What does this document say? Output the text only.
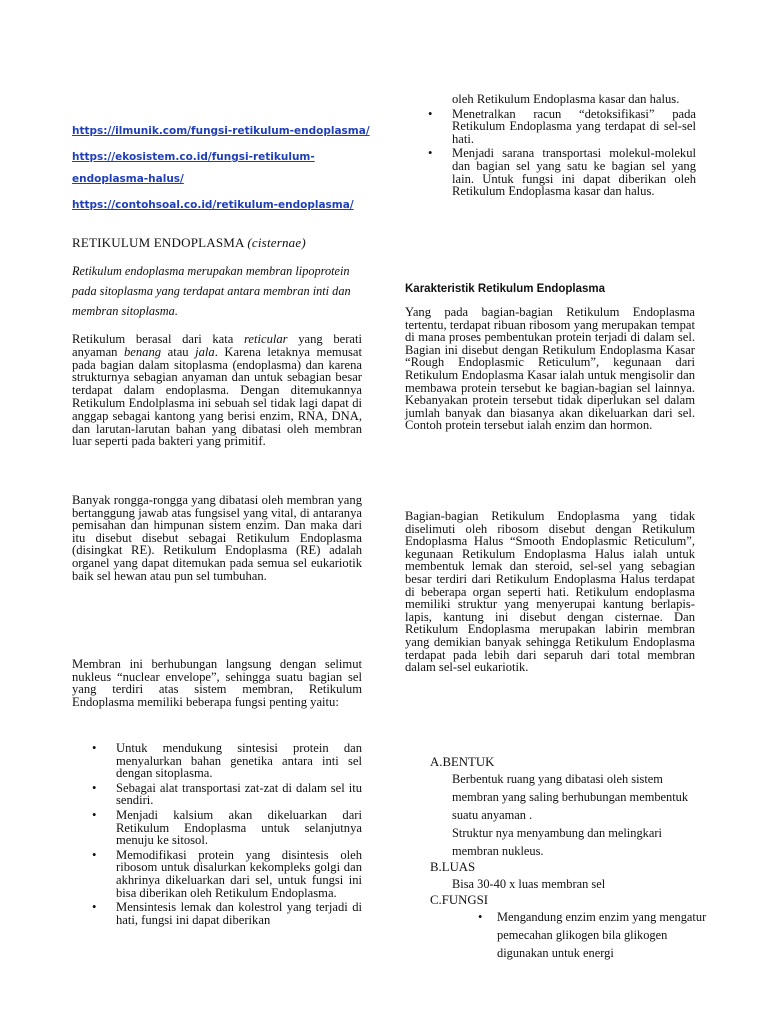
https://ilmunik.com/fungsi-retikulum-endoplasma/
https://ekosistem.co.id/fungsi-retikulum-endoplasma-halus/
https://contohsoal.co.id/retikulum-endoplasma/
RETIKULUM ENDOPLASMA (cisternae)

Retikulum endoplasma merupakan membran lipoprotein pada sitoplasma yang terdapat antara membran inti dan membran sitoplasma.

Retikulum berasal dari kata reticular yang berati anyaman benang atau jala. Karena letaknya memusat pada bagian dalam sitoplasma (endoplasma) dan karena strukturnya sebagian anyaman dan untuk sebagian besar terdapat dalam endoplasma. Dengan ditemukannya Retikulum Endolplasma ini sebuah sel tidak lagi dapat di anggap sebagai kantong yang berisi enzim, RNA, DNA, dan larutan-larutan bahan yang dibatasi oleh membran luar seperti pada bakteri yang primitif.

Banyak rongga-rongga yang dibatasi oleh membran yang bertanggung jawab atas fungsisel yang vital, di antaranya pemisahan dan himpunan sistem enzim. Dan maka dari itu disebut disebut sebagai Retikulum Endoplasma (disingkat RE). Retikulum Endoplasma (RE) adalah organel yang dapat ditemukan pada semua sel eukariotik baik sel hewan atau pun sel tumbuhan.

Membran ini berhubungan langsung dengan selimut nukleus “nuclear envelope”, sehingga suatu bagian sel yang terdiri atas sistem membran, Retikulum Endoplasma memiliki beberapa fungsi penting yaitu:

• Untuk mendukung sintesisi protein dan menyalurkan bahan genetika antara inti sel dengan sitoplasma.
• Sebagai alat transportasi zat-zat di dalam sel itu sendiri.
• Menjadi kalsium akan dikeluarkan dari Retikulum Endoplasma untuk selanjutnya menuju ke sitosol.
• Memodifikasi protein yang disintesis oleh ribosom untuk disalurkan kekompleks golgi dan akhrinya dikeluarkan dari sel, untuk fungsi ini bisa diberikan oleh Retikulum Endoplasma.
• Mensintesis lemak dan kolestrol yang terjadi di hati, fungsi ini dapat diberikan

oleh Retikulum Endoplasma kasar dan halus.

• Menetralkan racun “detoksifikasi” pada Retikulum Endoplasma yang terdapat di sel-sel hati.
• Menjadi sarana transportasi molekul-molekul dan bagian sel yang satu ke bagian sel yang lain. Untuk fungsi ini dapat diberikan oleh Retikulum Endoplasma kasar dan halus.
Karakteristik Retikulum Endoplasma

Yang pada bagian-bagian Retikulum Endoplasma tertentu, terdapat ribuan ribosom yang merupakan tempat di mana proses pembentukan protein terjadi di dalam sel. Bagian ini disebut dengan Retikulum Endoplasma Kasar “Rough Endoplasmic Reticulum”, kegunaan dari Retikulum Endoplasma Kasar ialah untuk mengisolir dan membawa protein tersebut ke bagian-bagian sel lainnya. Kebanyakan protein tersebut tidak diperlukan sel dalam jumlah banyak dan biasanya akan dikeluarkan dari sel. Contoh protein tersebut ialah enzim dan hormon.

Bagian-bagian Retikulum Endoplasma yang tidak diselimuti oleh ribosom disebut dengan Retikulum Endoplasma Halus “Smooth Endoplasmic Reticulum”, kegunaan Retikulum Endoplasma Halus ialah untuk membentuk lemak dan steroid, sel-sel yang sebagian besar terdiri dari Retikulum Endoplasma Halus terdapat di beberapa organ seperti hati. Retikulum endoplasma memiliki struktur yang menyerupai kantung berlapis-lapis, kantung ini disebut dengan cisternae. Dan Retikulum Endoplasma merupakan labirin membran yang demikian banyak sehingga Retikulum Endoplasma terdapat pada lebih dari separuh dari total membran dalam sel-sel eukariotik.

A.BENTUK
Berbentuk ruang yang dibatasi oleh sistem membran yang saling berhubungan membentuk suatu anyaman .
Struktur nya menyambung dan melingkari membran nukleus.
B.LUAS
Bisa 30-40 x luas membran sel
C.FUNGSI
• Mengandung enzim enzim yang mengatur pemecahan glikogen bila glikogen digunakan untuk energi
